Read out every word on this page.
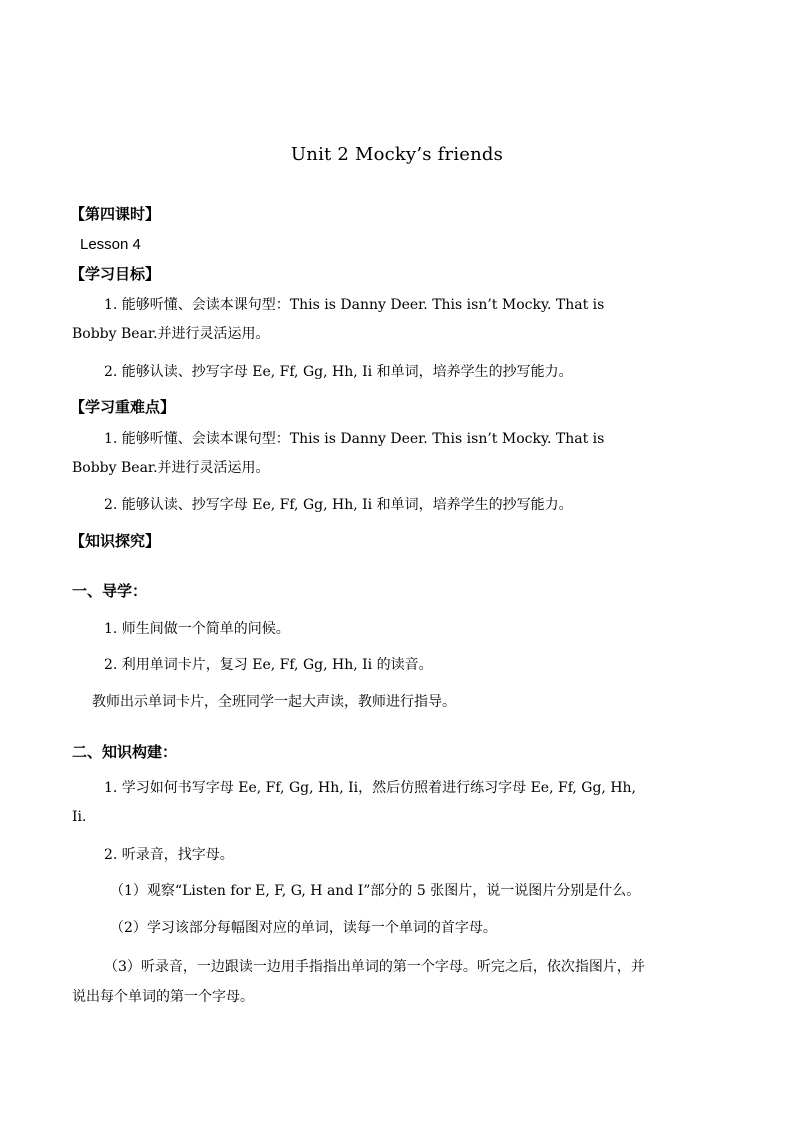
Unit 2 Mocky’s friends
【第四课时】
Lesson 4
【学习目标】
1. 能够听懂、会读本课句型：This is Danny Deer. This isn’t Mocky. That is
Bobby Bear.并进行灵活运用。
2. 能够认读、抄写字母 Ee, Ff, Gg, Hh, Ii 和单词，培养学生的抄写能力。
【学习重难点】
1. 能够听懂、会读本课句型：This is Danny Deer. This isn’t Mocky. That is
Bobby Bear.并进行灵活运用。
2. 能够认读、抄写字母 Ee, Ff, Gg, Hh, Ii 和单词，培养学生的抄写能力。
【知识探究】
一、导学：
1. 师生间做一个简单的问候。
2. 利用单词卡片，复习 Ee, Ff, Gg, Hh, Ii 的读音。
教师出示单词卡片，全班同学一起大声读，教师进行指导。
二、知识构建：
1. 学习如何书写字母 Ee, Ff, Gg, Hh, Ii，然后仿照着进行练习字母 Ee, Ff, Gg, Hh,
Ii.
2. 听录音，找字母。
（1）观察“Listen for E, F, G, H and I”部分的 5 张图片，说一说图片分别是什么。
（2）学习该部分每幅图对应的单词，读每一个单词的首字母。
（3）听录音，一边跟读一边用手指指出单词的第一个字母。听完之后，依次指图片，并
说出每个单词的第一个字母。
